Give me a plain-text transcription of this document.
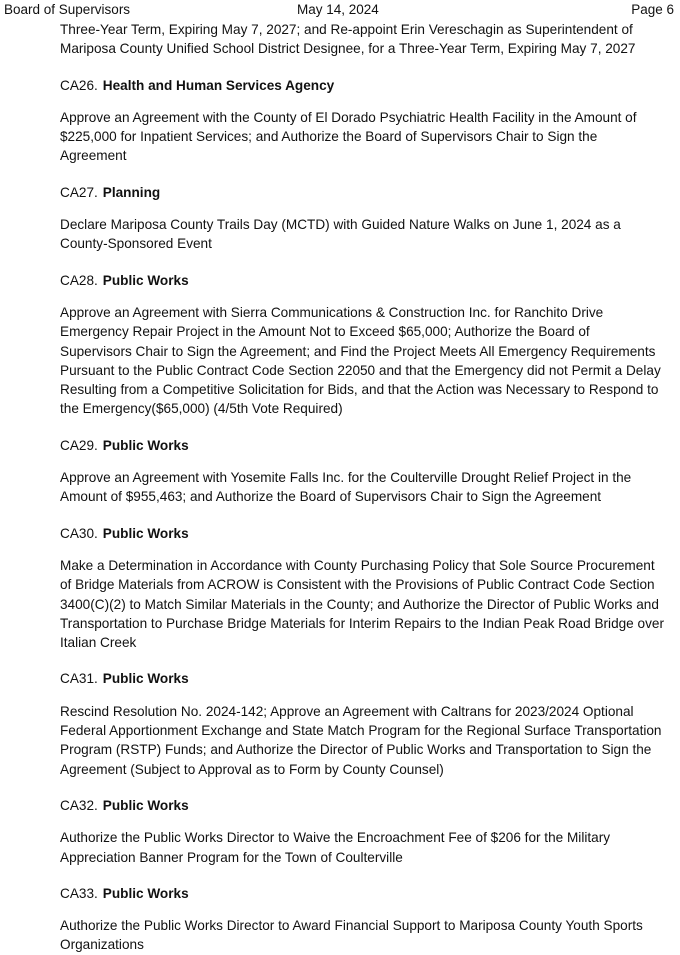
Board of Supervisors	May 14, 2024	Page 6

Three-Year Term, Expiring May 7, 2027; and Re-appoint Erin Vereschagin as Superintendent of Mariposa County Unified School District Designee, for a Three-Year Term, Expiring May 7, 2027

CA26. Health and Human Services Agency

Approve an Agreement with the County of El Dorado Psychiatric Health Facility in the Amount of $225,000 for Inpatient Services; and Authorize the Board of Supervisors Chair to Sign the Agreement

CA27. Planning

Declare Mariposa County Trails Day (MCTD) with Guided Nature Walks on June 1, 2024 as a County-Sponsored Event

CA28. Public Works

Approve an Agreement with Sierra Communications & Construction Inc. for Ranchito Drive Emergency Repair Project in the Amount Not to Exceed $65,000; Authorize the Board of Supervisors Chair to Sign the Agreement; and Find the Project Meets All Emergency Requirements Pursuant to the Public Contract Code Section 22050 and that the Emergency did not Permit a Delay Resulting from a Competitive Solicitation for Bids, and that the Action was Necessary to Respond to the Emergency($65,000) (4/5th Vote Required)

CA29. Public Works

Approve an Agreement with Yosemite Falls Inc. for the Coulterville Drought Relief Project in the Amount of $955,463; and Authorize the Board of Supervisors Chair to Sign the Agreement

CA30. Public Works

Make a Determination in Accordance with County Purchasing Policy that Sole Source Procurement of Bridge Materials from ACROW is Consistent with the Provisions of Public Contract Code Section 3400(C)(2) to Match Similar Materials in the County; and Authorize the Director of Public Works and Transportation to Purchase Bridge Materials for Interim Repairs to the Indian Peak Road Bridge over Italian Creek

CA31. Public Works

Rescind Resolution No. 2024-142; Approve an Agreement with Caltrans for 2023/2024 Optional Federal Apportionment Exchange and State Match Program for the Regional Surface Transportation Program (RSTP) Funds; and Authorize the Director of Public Works and Transportation to Sign the Agreement (Subject to Approval as to Form by County Counsel)

CA32. Public Works

Authorize the Public Works Director to Waive the Encroachment Fee of $206 for the Military Appreciation Banner Program for the Town of Coulterville

CA33. Public Works

Authorize the Public Works Director to Award Financial Support to Mariposa County Youth Sports Organizations
